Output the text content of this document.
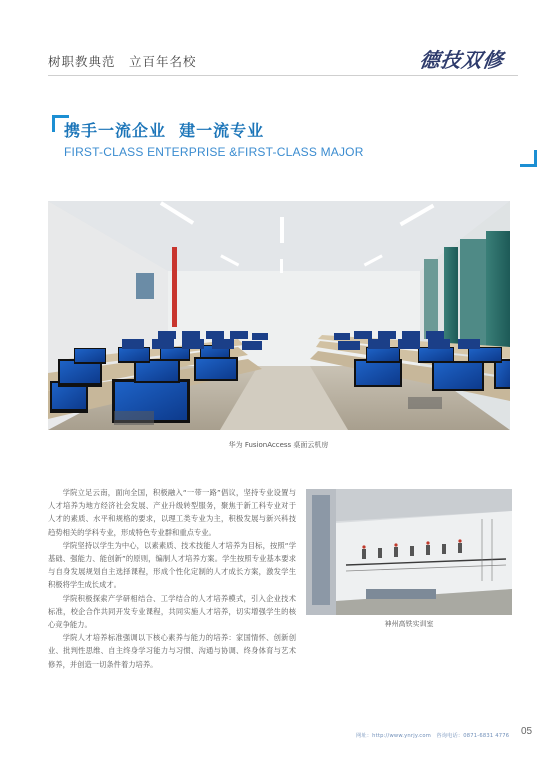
树职教典范　立百年名校	德技双修
携手一流企业  建一流专业
FIRST-CLASS ENTERPRISE &FIRST-CLASS MAJOR
华为 FusionAccess 桌面云机房

学院立足云南，面向全国，积极融入“一带一路”倡议，坚持专业设置与人才培养为地方经济社会发展、产业升级转型服务，聚焦于新工科专业对于人才的素质、水平和规格的要求，以理工类专业为主，积极发展与新兴科技趋势相关的学科专业，形成特色专业群和重点专业。

学院坚持以学生为中心，以素素质、技术技能人才培养为目标，按照“学基础、强能力、能创新”的原则，编制人才培养方案。学生按照专业基本要求与自身发展规划自主选择课程，形成个性化定制的人才成长方案，激发学生积极将学生成长成才。

学院积极探索产学研相结合、工学结合的人才培养模式，引入企业技术标准，校企合作共同开发专业课程，共同实施人才培养，切实增强学生的核心竞争能力。

学院人才培养标准强调以下核心素养与能力的培养：家国情怀、创新创业、批判性思维、自主终身学习能力与习惯、沟通与协调、终身体育与艺术修养，并创造一切条件着力培养。

神州高铁实训室
网址：http://www.ynrjy.com　咨询电话：0871-6831 4776 05
